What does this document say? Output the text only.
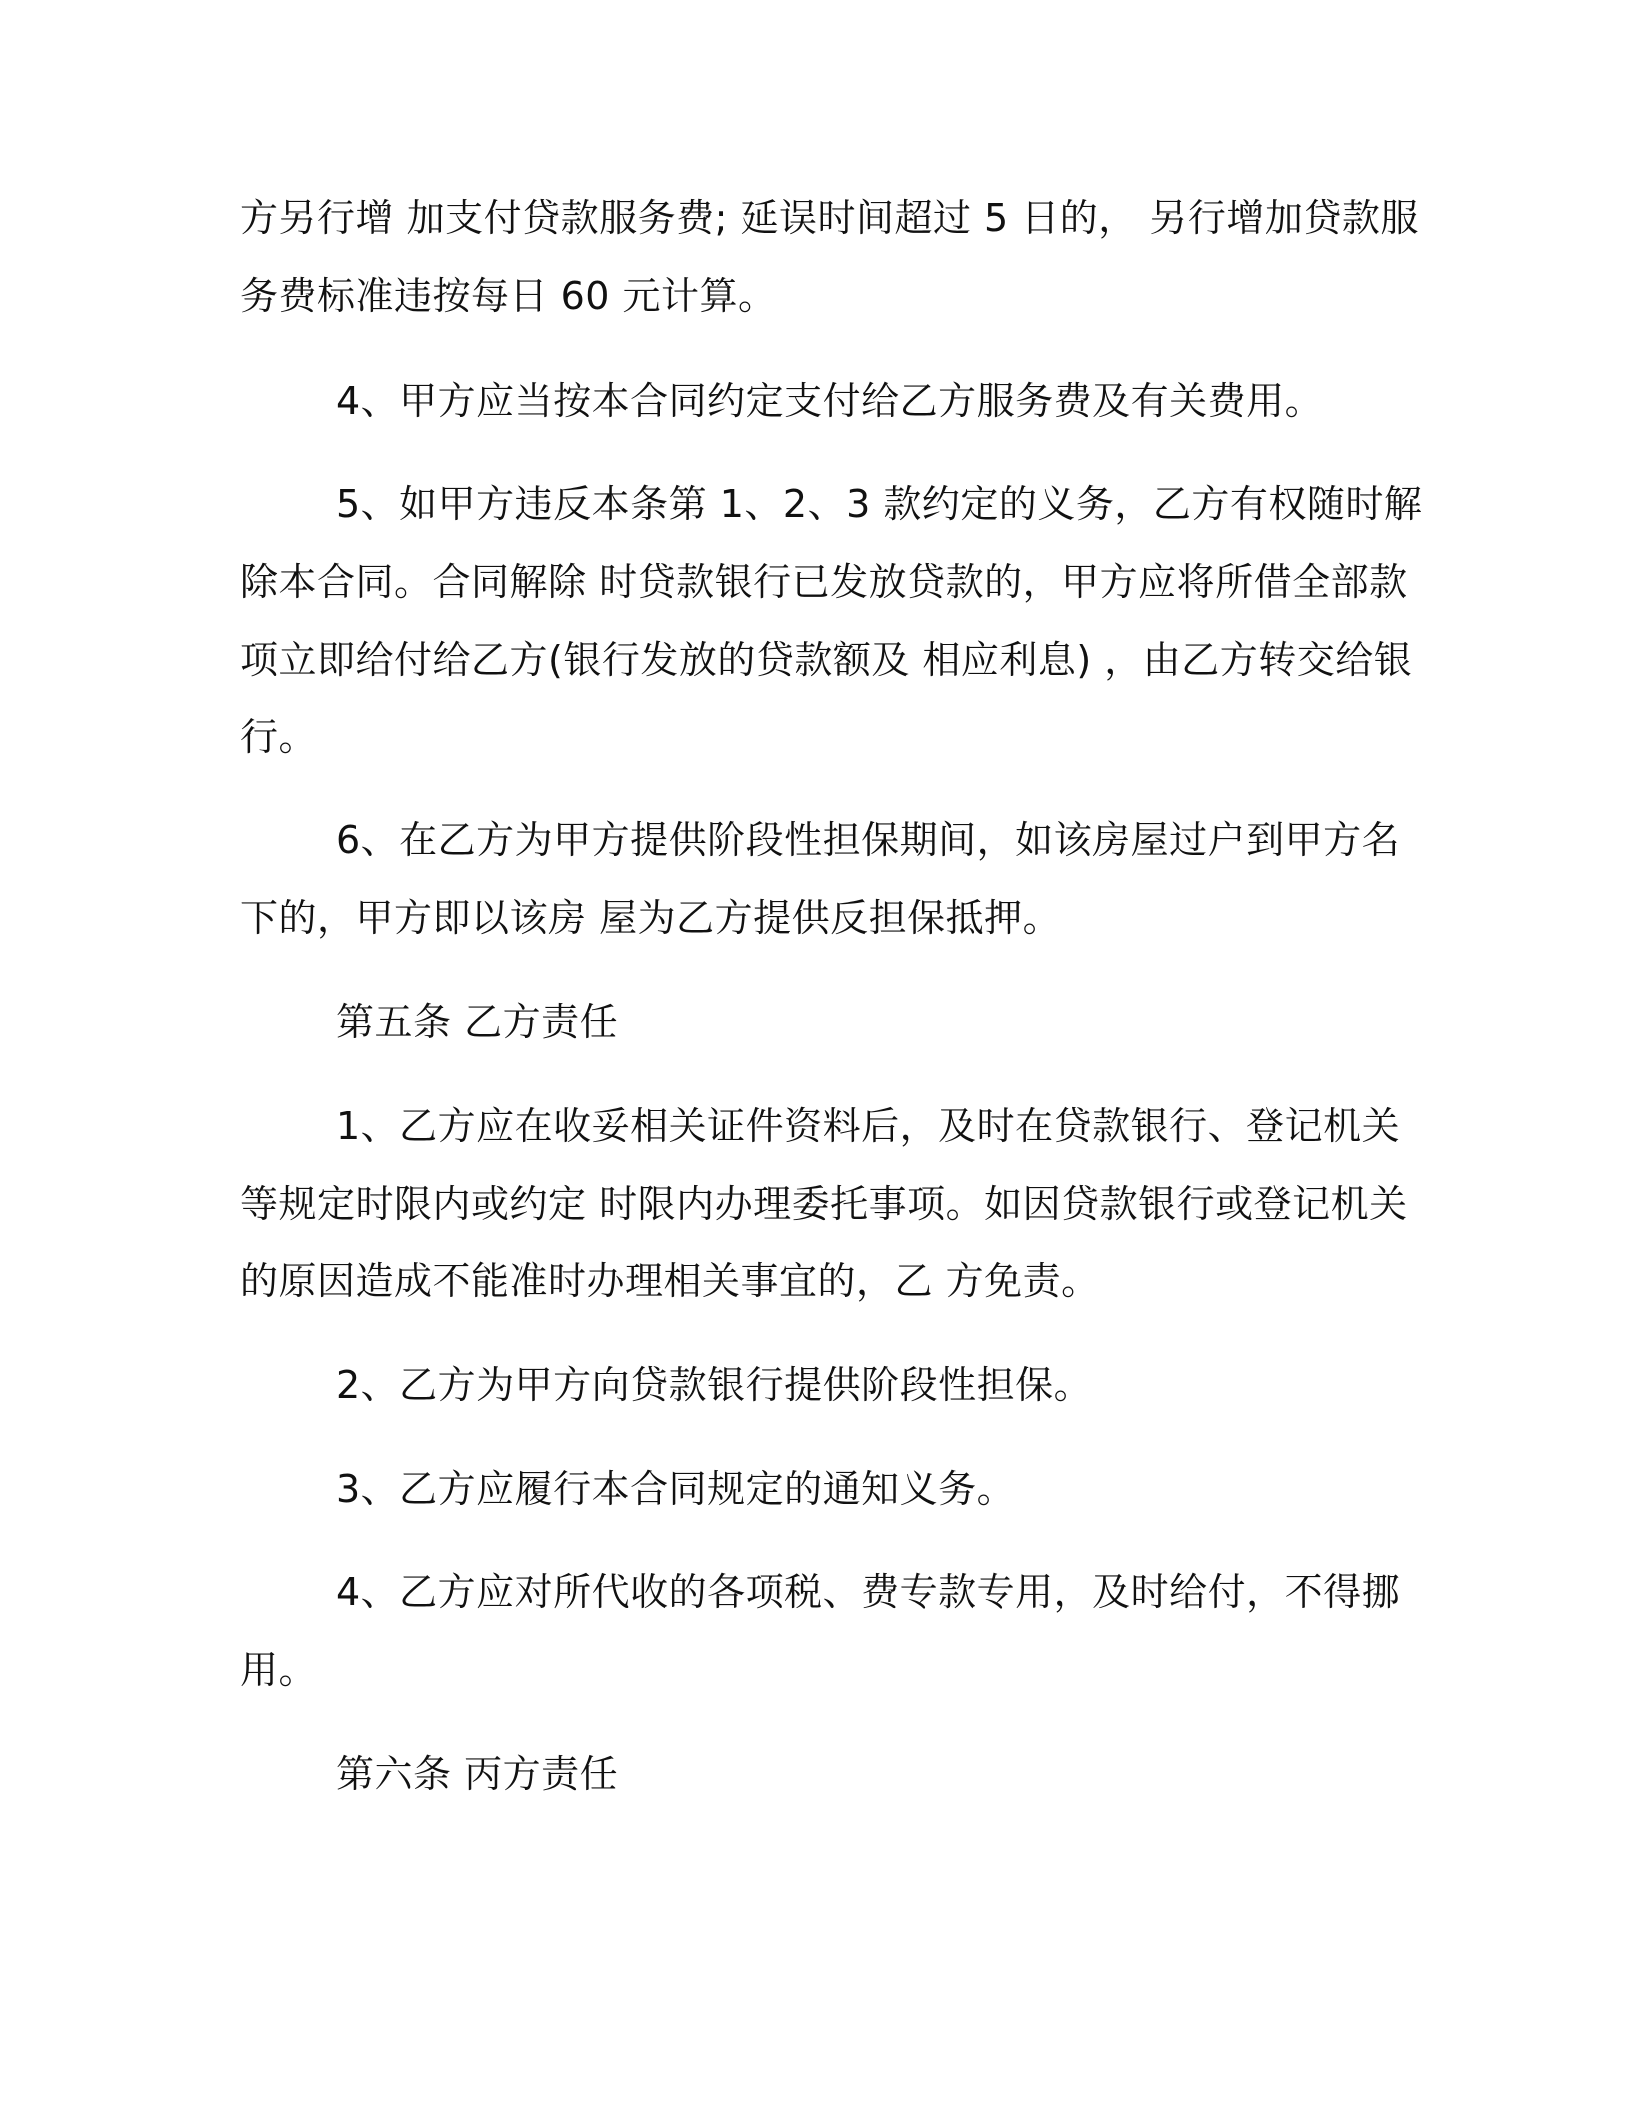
方另行增 加支付贷款服务费; 延误时间超过 5 日的， 另行增加贷款服
务费标准违按每日 60 元计算。
4、甲方应当按本合同约定支付给乙方服务费及有关费用。
5、如甲方违反本条第 1、2、3 款约定的义务，乙方有权随时解
除本合同。合同解除 时贷款银行已发放贷款的，甲方应将所借全部款
项立即给付给乙方(银行发放的贷款额及 相应利息) ，由乙方转交给银
行。
6、在乙方为甲方提供阶段性担保期间，如该房屋过户到甲方名
下的，甲方即以该房 屋为乙方提供反担保抵押。
第五条 乙方责任
1、乙方应在收妥相关证件资料后，及时在贷款银行、登记机关
等规定时限内或约定 时限内办理委托事项。如因贷款银行或登记机关
的原因造成不能准时办理相关事宜的，乙 方免责。
2、乙方为甲方向贷款银行提供阶段性担保。
3、乙方应履行本合同规定的通知义务。
4、乙方应对所代收的各项税、费专款专用，及时给付，不得挪
用。
第六条 丙方责任
